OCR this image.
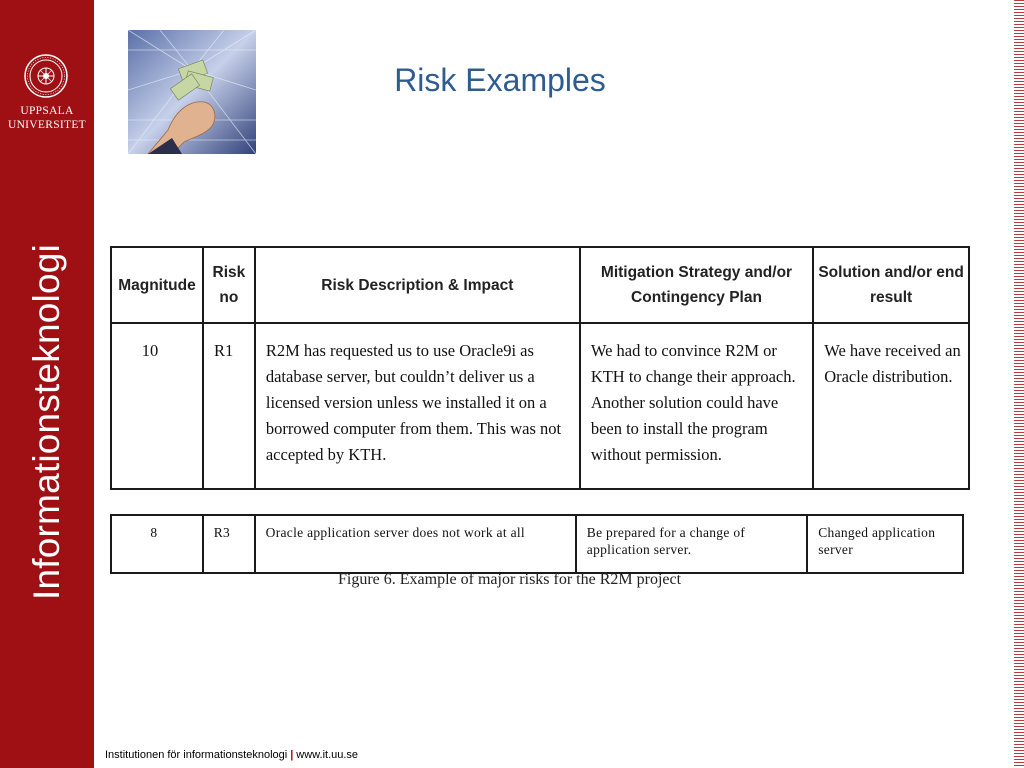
UPPSALA
UNIVERSITET
Informationsteknologi
Risk Examples
Magnitude	Risk no	Risk Description & Impact	Mitigation Strategy and/or Contingency Plan	Solution and/or end result
10	R1	R2M has requested us to use Oracle9i as database server, but couldn’t deliver us a licensed version unless we installed it on a borrowed computer from them. This was not accepted by KTH.	We had to convince R2M or KTH to change their approach. Another solution could have been to install the program without permission.	We have received an Oracle distribution.
8	R3	Oracle application server does not work at all	Be prepared for a change of application server.	Changed application server
Figure 6. Example of major risks for the R2M project
Institutionen för informationsteknologi | www.it.uu.se
